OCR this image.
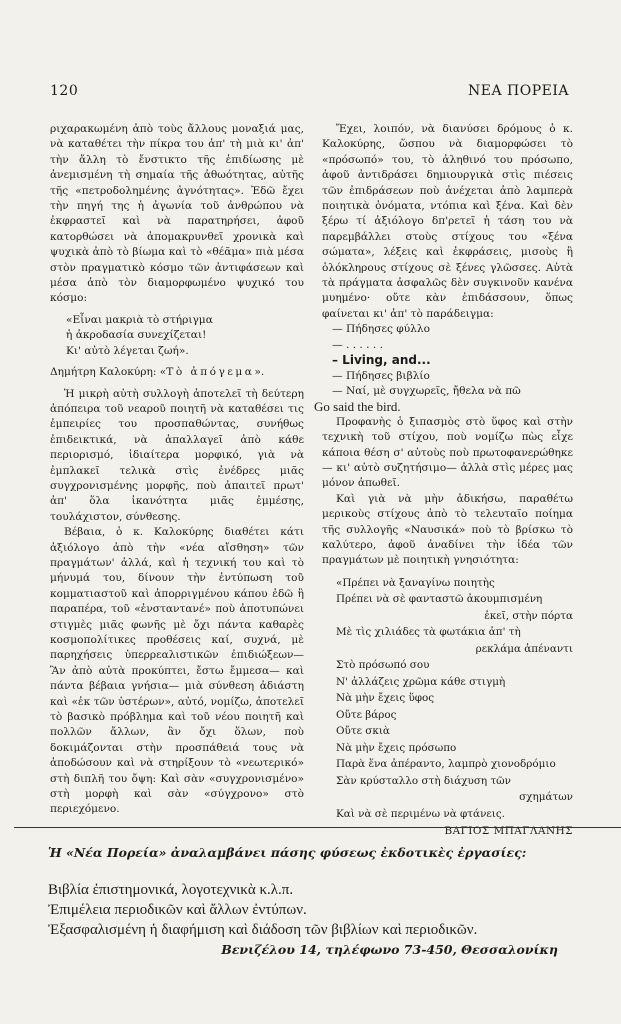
120	ΝΕΑ ΠΟΡΕΙΑ

ριχαρακωμένη ἀπὸ τοὺς ἄλλους μοναξιά μας, νὰ καταθέτει τὴν πίκρα του ἀπ' τὴ μιὰ κι' ἀπ' τὴν ἄλλη τὸ ἔνστικτο τῆς ἐπιδίωσης μὲ ἀνεμισμένη τὴ σημαία τῆς ἀθωότητας, αὐτῆς τῆς «πετροδοληµένης ἁγνότητας». Ἐδῶ ἔχει τὴν πηγή της ἡ ἀγωνία τοῦ ἀνθρώπου νὰ ἐκφραστεῖ καὶ νὰ παρατηρήσει, ἀφοῦ κατορθώσει νὰ ἀπομακρυνθεῖ χρονικὰ καὶ ψυχικὰ ἀπὸ τὸ βίωμα καὶ τὸ «θέᾶμα» πιὰ μέσα στὸν πραγματικὸ κόσμο τῶν ἀντιφάσεων καὶ μέσα ἀπὸ τὸν διαμορφωμένο ψυχικό του κόσμο:

«Εἶναι μακριὰ τὸ στήριγμα
ἡ ἀκροδασία συνεχίζεται!
Κι' αὐτὸ λέγεται ζωή».

Δημήτρη Καλοκύρη: «Τὸ ἀπόγεμα».

Ἡ μικρὴ αὐτὴ συλλογὴ ἀποτελεῖ τὴ δεύτερη ἀπόπειρα τοῦ νεαροῦ ποιητῆ νὰ καταθέσει τις ἐμπειρίες του προσπαθώντας, συνήθως ἐπιδεικτικά, νὰ ἀπαλλαγεῖ ἀπὸ κάθε περιορισμό, ἰδιαίτερα μορφικό, γιὰ νὰ ἐμπλακεῖ τελικὰ στὶς ἐνέδρες μιᾶς συγχρονισμένης μορφῆς, ποὺ ἀπαιτεῖ πρωτ' ἀπ' ὅλα ἱκανότητα μιᾶς ἐμμέσης, τουλάχιστον, σύνθεσης.

Βέβαια, ὁ κ. Καλοκύρης διαθέτει κάτι ἀξιόλογο ἀπὸ τὴν «νέα αἴσθηση» τῶν πραγμάτων' ἀλλά, καὶ ἡ τεχνική του καὶ τὸ μήνυμά του, δίνουν τὴν ἐντύπωση τοῦ κομματιαστοῦ καὶ ἀπορριγμένου κάπου ἐδῶ ἢ παραπέρα, τοῦ «ἐνσταντανέ» ποὺ ἀποτυπώνει στιγμὲς μιᾶς φωνῆς μὲ ὄχι πάντα καθαρὲς κοσμοπολίτικες προθέσεις καί, συχνά, μὲ παρηχήσεις ὑπερρεαλιστικῶν ἐπιδιώξεων— Ἂν ἀπὸ αὐτὰ προκύπτει, ἔστω ἔμμεσα— καὶ πάντα βέβαια γνήσια— μιὰ σύνθεση ἀδιάστη καὶ «ἐκ τῶν ὑστέρων», αὐτό, νομίζω, ἀποτελεῖ τὸ βασικὸ πρόβλημα καὶ τοῦ νέου ποιητῆ καὶ πολλῶν ἄλλων, ἂν ὄχι ὅλων, ποὺ δοκιμάζονται στὴν προσπάθειά τους νὰ ἀποδώσουν καὶ νὰ στηρίξουν τὸ «νεωτερικό» στὴ διπλῆ του ὄψη: Καὶ σὰν «συγχρονισμένο» στὴ μορφὴ καὶ σὰν «σύγχρονο» στὸ περιεχόμενο.

Ἔχει, λοιπόν, νὰ διανύσει δρόμους ὁ κ. Καλοκύρης, ὥσπου νὰ διαμορφώσει τὸ «πρόσωπό» του, τὸ ἀληθινό του πρόσωπο, ἀφοῦ ἀντιδράσει δημιουργικὰ στὶς πιέσεις τῶν ἐπιδράσεων ποὺ ἀνέχεται ἀπὸ λαμπερὰ ποιητικὰ ὀνόματα, ντόπια καὶ ξένα. Καὶ δὲν ξέρω τί ἀξιόλογο δπ'ρετεῖ ἡ τάση του νὰ παρεμβάλλει στοὺς στίχους του «ξένα σώματα», λέξεις καὶ ἐκφράσεις, μισοὺς ἢ ὁλόκληρους στίχους σὲ ξένες γλῶσσες. Αὐτὰ τὰ πράγματα ἀσφαλῶς δὲν συγκινοῦν κανένα μυημένο· οὔτε κὰν ἐπιδάσσουν, ὅπως φαίνεται κι' ἀπ' τὸ παράδειγμα:

— Πήδησες φύλλο
— . . . . . .
– Living, and...
— Πήδησες βιβλίο
— Ναί, μὲ συγχωρεῖς, ἤθελα νὰ πῶ
Go said the bird.

Προφανὴς ὁ ξιπασμὸς στὸ ὕφος καὶ στὴν τεχνικὴ τοῦ στίχου, ποὺ νομίζω πὼς εἶχε κάποια θέση σ' αὐτοὺς ποὺ πρωτοφανερώθηκε— κι' αὐτὸ συζητήσιμο— ἀλλὰ στὶς μέρες μας μόνον ἀπωθεῖ.

Καὶ γιὰ νὰ μὴν ἀδικήσω, παραθέτω μερικοὺς στίχους ἀπὸ τὸ τελευταῖο ποίημα τῆς συλλογῆς «Ναυσικά» ποὺ τὸ βρίσκω τὸ καλύτερο, ἀφοῦ ἀναδίνει τὴν ἰδέα τῶν πραγμάτων μὲ ποιητικὴ γνησιότητα:

«Πρέπει νὰ ξαναγίνω ποιητὴς
Πρέπει νὰ σὲ φανταστῶ ἀκουμπισμένη
ἐκεῖ, στὴν πόρτα
Μὲ τὶς χιλιάδες τὰ φωτάκια ἀπ' τὴ
ρεκλάμα ἀπέναντι
Στὸ πρόσωπό σου
Ν' ἀλλάζεις χρῶμα κάθε στιγμὴ
Νὰ μὴν ἔχεις ὕφος
Οὔτε βάρος
Οὔτε σκιὰ
Νὰ μὴν ἔχεις πρόσωπο
Παρὰ ἕνα ἀπέραντο, λαμπρὸ χιονοδρόμιο
Σὰν κρύσταλλο στὴ διάχυση τῶν
σχημάτων
Καὶ νὰ σὲ περιμένω νὰ φτάνεις.
ΒΑΓΙΟΣ ΜΠΑΓΛΑΝΗΣ
Ἡ «Νέα Πορεία» ἀναλαμβάνει πάσης φύσεως ἐκδοτικὲς ἐργασίες:
Βιβλία ἐπιστημονικά, λογοτεχνικὰ κ.λ.π.
Ἐπιμέλεια περιοδικῶν καὶ ἄλλων ἐντύπων.
Ἐξασφαλισμένη ἡ διαφήμιση καὶ διάδοση τῶν βιβλίων καὶ περιοδικῶν.
Βενιζέλου 14, τηλέφωνο 73-450, Θεσσαλονίκη
